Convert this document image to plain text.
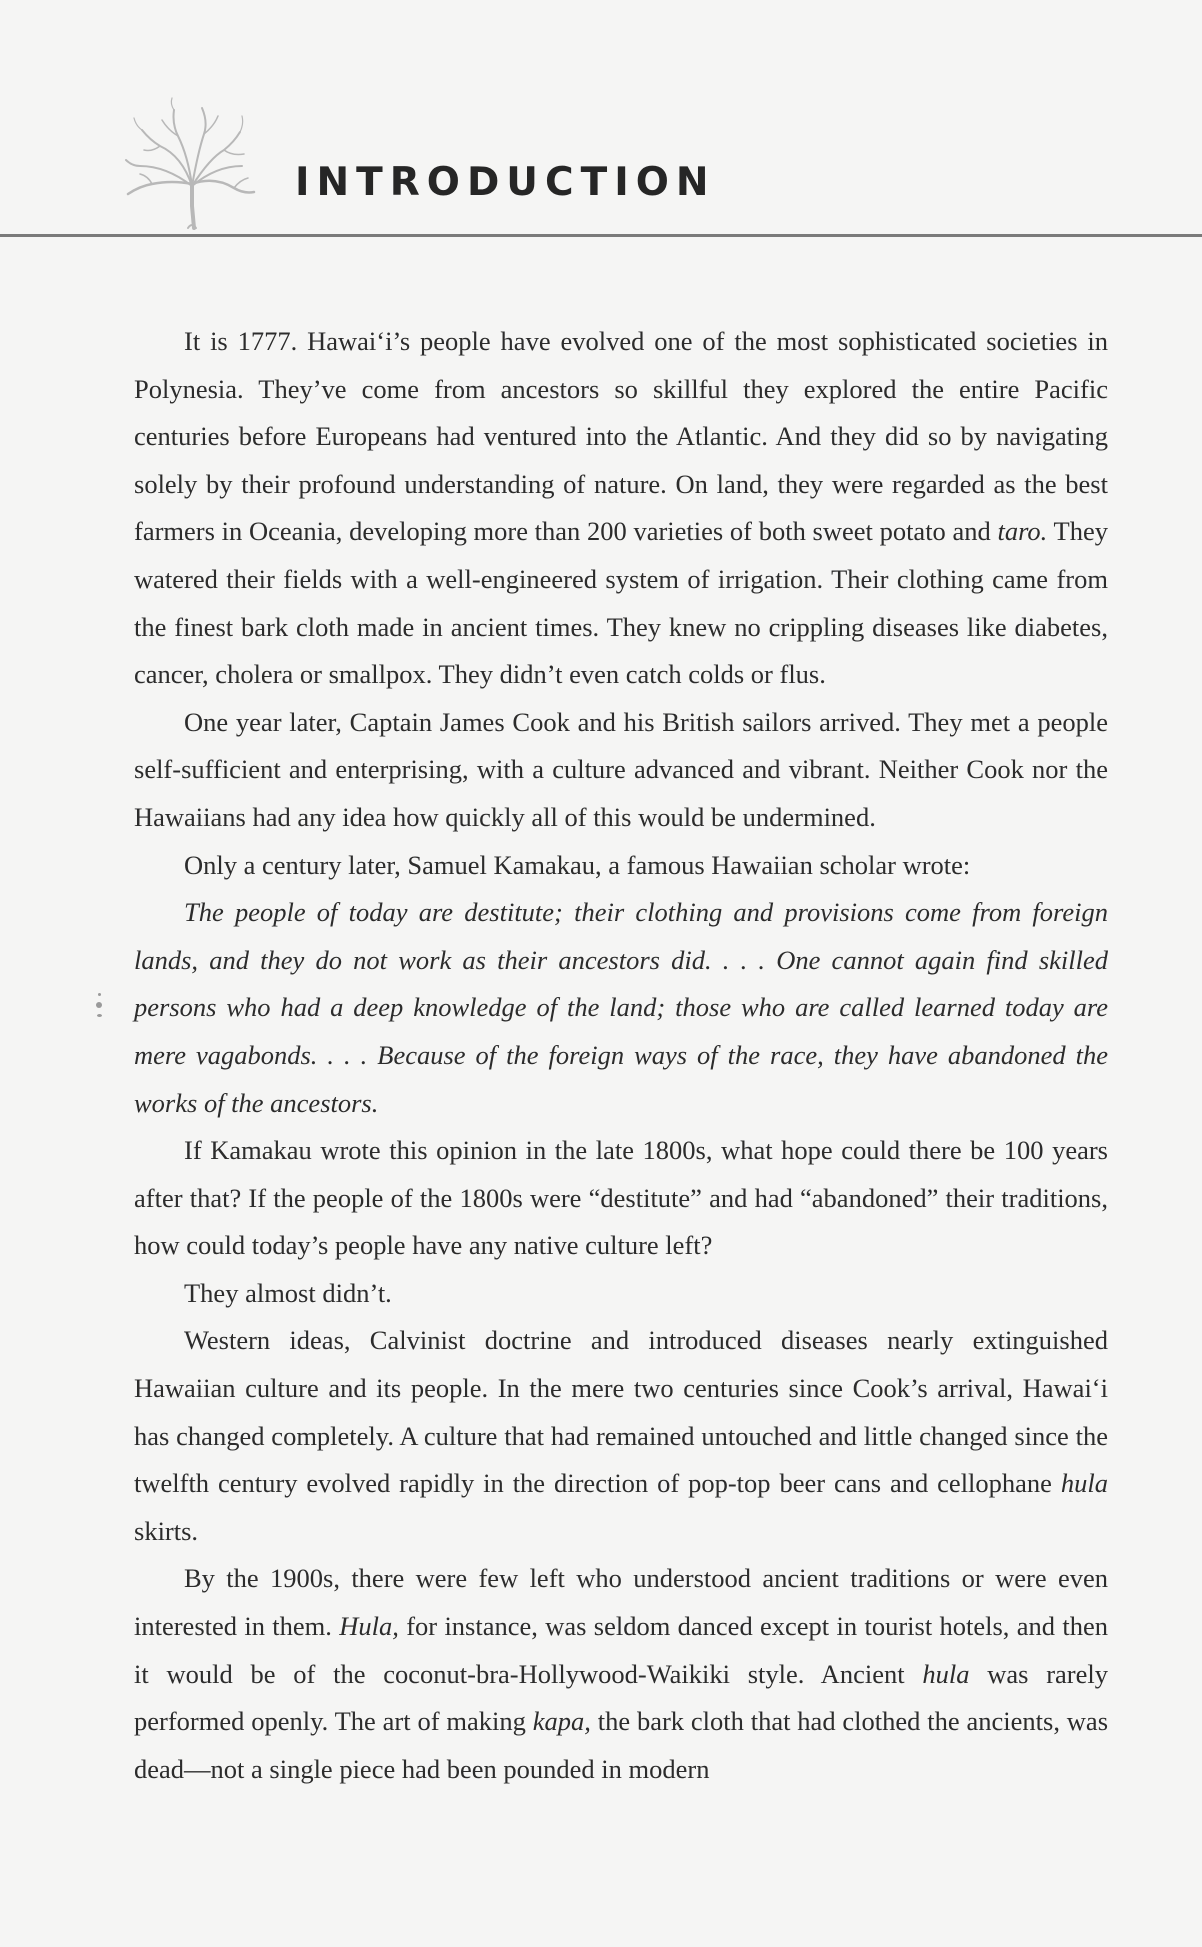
INTRODUCTION

It is 1777. Hawai‘i’s people have evolved one of the most sophisticated societies in Polynesia. They’ve come from ancestors so skillful they explored the entire Pacific centuries before Europeans had ventured into the Atlantic. And they did so by navigating solely by their profound understanding of nature. On land, they were regarded as the best farmers in Oceania, developing more than 200 varieties of both sweet potato and taro. They watered their fields with a well-engineered system of irrigation. Their clothing came from the finest bark cloth made in ancient times. They knew no crippling diseases like diabetes, cancer, cholera or smallpox. They didn’t even catch colds or flus.

One year later, Captain James Cook and his British sailors arrived. They met a people self-sufficient and enterprising, with a culture advanced and vibrant. Neither Cook nor the Hawaiians had any idea how quickly all of this would be undermined.

Only a century later, Samuel Kamakau, a famous Hawaiian scholar wrote:

The people of today are destitute; their clothing and provisions come from foreign lands, and they do not work as their ancestors did. . . . One cannot again find skilled persons who had a deep knowledge of the land; those who are called learned today are mere vagabonds. . . . Because of the foreign ways of the race, they have abandoned the works of the ancestors.

If Kamakau wrote this opinion in the late 1800s, what hope could there be 100 years after that? If the people of the 1800s were “destitute” and had “abandoned” their traditions, how could today’s people have any native culture left?

They almost didn’t.

Western ideas, Calvinist doctrine and introduced diseases nearly extinguished Hawaiian culture and its people. In the mere two centuries since Cook’s arrival, Hawai‘i has changed completely. A culture that had remained untouched and little changed since the twelfth century evolved rapidly in the direction of pop-top beer cans and cellophane hula skirts.

By the 1900s, there were few left who understood ancient traditions or were even interested in them. Hula, for instance, was seldom danced except in tourist hotels, and then it would be of the coconut-bra-Hollywood-Waikiki style. Ancient hula was rarely performed openly. The art of making kapa, the bark cloth that had clothed the ancients, was dead—not a single piece had been pounded in modern
